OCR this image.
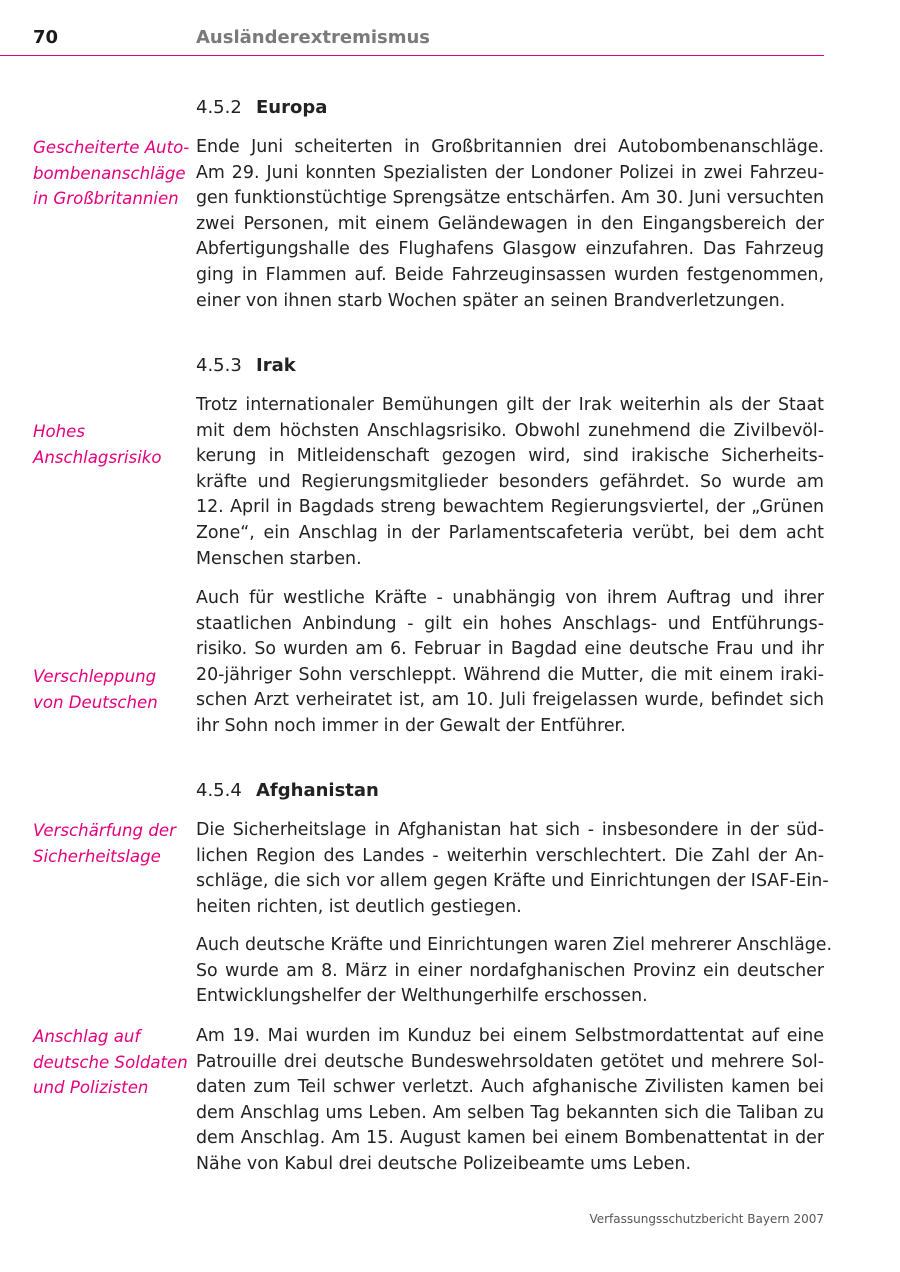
70	Ausländerextremismus
4.5.2 Europa
Gescheiterte Auto-
bombenanschläge
in Großbritannien
Ende Juni scheiterten in Großbritannien drei Autobombenanschläge.
Am 29. Juni konnten Spezialisten der Londoner Polizei in zwei Fahrzeu-
gen funktionstüchtige Sprengsätze entschärfen. Am 30. Juni versuchten
zwei Personen, mit einem Geländewagen in den Eingangsbereich der
Abfertigungshalle des Flughafens Glasgow einzufahren. Das Fahrzeug
ging in Flammen auf. Beide Fahrzeuginsassen wurden festgenommen,
einer von ihnen starb Wochen später an seinen Brandverletzungen.
4.5.3 Irak
Hohes
Anschlagsrisiko
Trotz internationaler Bemühungen gilt der Irak weiterhin als der Staat
mit dem höchsten Anschlagsrisiko. Obwohl zunehmend die Zivilbevöl-
kerung in Mitleidenschaft gezogen wird, sind irakische Sicherheits-
kräfte und Regierungsmitglieder besonders gefährdet. So wurde am
12. April in Bagdads streng bewachtem Regierungsviertel, der „Grünen
Zone“, ein Anschlag in der Parlamentscafeteria verübt, bei dem acht
Menschen starben.
Verschleppung
von Deutschen
Auch für westliche Kräfte - unabhängig von ihrem Auftrag und ihrer
staatlichen Anbindung - gilt ein hohes Anschlags- und Entführungs-
risiko. So wurden am 6. Februar in Bagdad eine deutsche Frau und ihr
20-jähriger Sohn verschleppt. Während die Mutter, die mit einem iraki-
schen Arzt verheiratet ist, am 10. Juli freigelassen wurde, befindet sich
ihr Sohn noch immer in der Gewalt der Entführer.
4.5.4 Afghanistan
Verschärfung der
Sicherheitslage
Die Sicherheitslage in Afghanistan hat sich - insbesondere in der süd-
lichen Region des Landes - weiterhin verschlechtert. Die Zahl der An-
schläge, die sich vor allem gegen Kräfte und Einrichtungen der ISAF-Ein-
heiten richten, ist deutlich gestiegen.
Auch deutsche Kräfte und Einrichtungen waren Ziel mehrerer Anschläge.
So wurde am 8. März in einer nordafghanischen Provinz ein deutscher
Entwicklungshelfer der Welthungerhilfe erschossen.
Anschlag auf
deutsche Soldaten
und Polizisten
Am 19. Mai wurden im Kunduz bei einem Selbstmordattentat auf eine
Patrouille drei deutsche Bundeswehrsoldaten getötet und mehrere Sol-
daten zum Teil schwer verletzt. Auch afghanische Zivilisten kamen bei
dem Anschlag ums Leben. Am selben Tag bekannten sich die Taliban zu
dem Anschlag. Am 15. August kamen bei einem Bombenattentat in der
Nähe von Kabul drei deutsche Polizeibeamte ums Leben.
Verfassungsschutzbericht Bayern 2007
